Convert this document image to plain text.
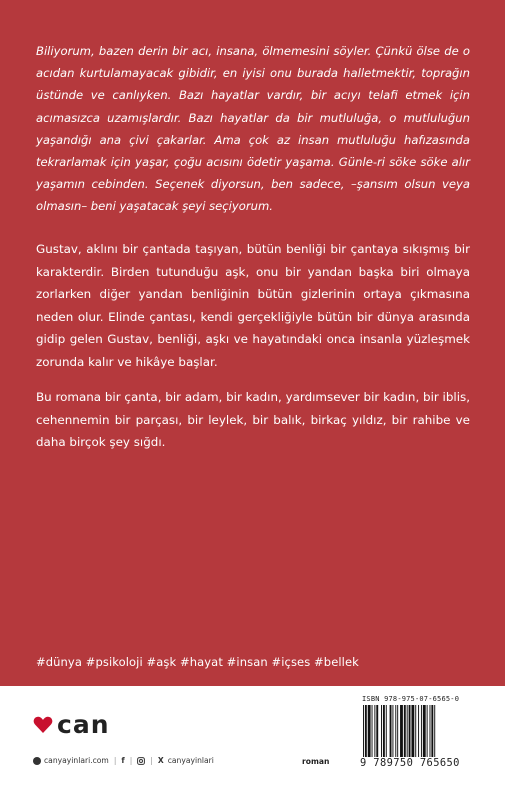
Biliyorum, bazen derin bir acı, insana, ölmemesini söyler. Çünkü ölse de o acıdan kurtulamayacak gibidir, en iyisi onu burada halletmektir, toprağın üstünde ve canlıyken. Bazı hayatlar vardır, bir acıyı telafi etmek için acımasızca uzamışlardır. Bazı hayatlar da bir mutluluğa, o mutluluğun yaşandığı ana çivi çakarlar. Ama çok az insan mutluluğu hafızasında tekrarlamak için yaşar, çoğu acısını ödetir yaşama. Günle-ri söke söke alır yaşamın cebinden. Seçenek diyorsun, ben sadece, –şansım olsun veya olmasın– beni yaşatacak şeyi seçiyorum.

Gustav, aklını bir çantada taşıyan, bütün benliği bir çantaya sıkışmış bir karakterdir. Birden tutunduğu aşk, onu bir yandan başka biri olmaya zorlarken diğer yandan benliğinin bütün gizlerinin ortaya çıkmasına neden olur. Elinde çantası, kendi gerçekliğiyle bütün bir dünya arasında gidip gelen Gustav, benliği, aşkı ve hayatındaki onca insanla yüzleşmek zorunda kalır ve hikâye başlar.

Bu romana bir çanta, bir adam, bir kadın, yardımsever bir kadın, bir iblis, cehennemin bir parçası, bir leylek, bir balık, birkaç yıldız, bir rahibe ve daha birçok şey sığdı.

#dünya #psikoloji #aşk #hayat #insan #içses #bellek

can
canyayinlari.com | f | | X canyayinlari	roman
ISBN 978-975-07-6565-0
9 789750 765650
